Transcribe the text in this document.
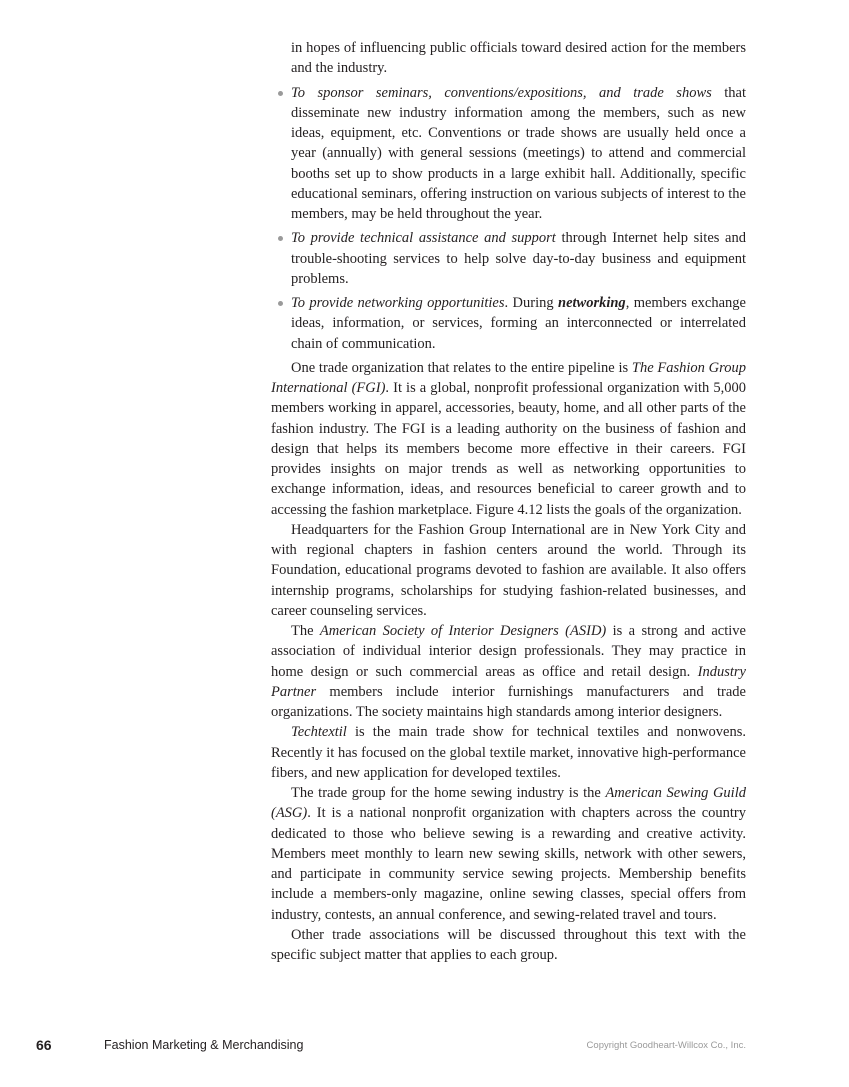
in hopes of influencing public officials toward desired action for the members and the industry.

To sponsor seminars, conventions/expositions, and trade shows that disseminate new industry information among the members, such as new ideas, equipment, etc. Conventions or trade shows are usually held once a year (annually) with general sessions (meetings) to attend and commercial booths set up to show products in a large exhibit hall. Additionally, specific educational seminars, offering instruction on various subjects of interest to the members, may be held throughout the year.

To provide technical assistance and support through Internet help sites and trouble-shooting services to help solve day-to-day business and equipment problems.

To provide networking opportunities. During networking, members exchange ideas, information, or services, forming an interconnected or interrelated chain of communication.

One trade organization that relates to the entire pipeline is The Fashion Group International (FGI). It is a global, nonprofit professional organization with 5,000 members working in apparel, accessories, beauty, home, and all other parts of the fashion industry. The FGI is a leading authority on the business of fashion and design that helps its members become more effective in their careers. FGI provides insights on major trends as well as networking opportunities to exchange information, ideas, and resources beneficial to career growth and to accessing the fashion marketplace. Figure 4.12 lists the goals of the organization.

Headquarters for the Fashion Group International are in New York City and with regional chapters in fashion centers around the world. Through its Foundation, educational programs devoted to fashion are available. It also offers internship programs, scholarships for studying fashion-related businesses, and career counseling services.

The American Society of Interior Designers (ASID) is a strong and active association of individual interior design professionals. They may practice in home design or such commercial areas as office and retail design. Industry Partner members include interior furnishings manufacturers and trade organizations. The society maintains high standards among interior designers.

Techtextil is the main trade show for technical textiles and nonwovens. Recently it has focused on the global textile market, innovative high-performance fibers, and new application for developed textiles.

The trade group for the home sewing industry is the American Sewing Guild (ASG). It is a national nonprofit organization with chapters across the country dedicated to those who believe sewing is a rewarding and creative activity. Members meet monthly to learn new sewing skills, network with other sewers, and participate in community service sewing projects. Membership benefits include a members-only magazine, online sewing classes, special offers from industry, contests, an annual conference, and sewing-related travel and tours.

Other trade associations will be discussed throughout this text with the specific subject matter that applies to each group.

66	Fashion Marketing & Merchandising	Copyright Goodheart-Willcox Co., Inc.
